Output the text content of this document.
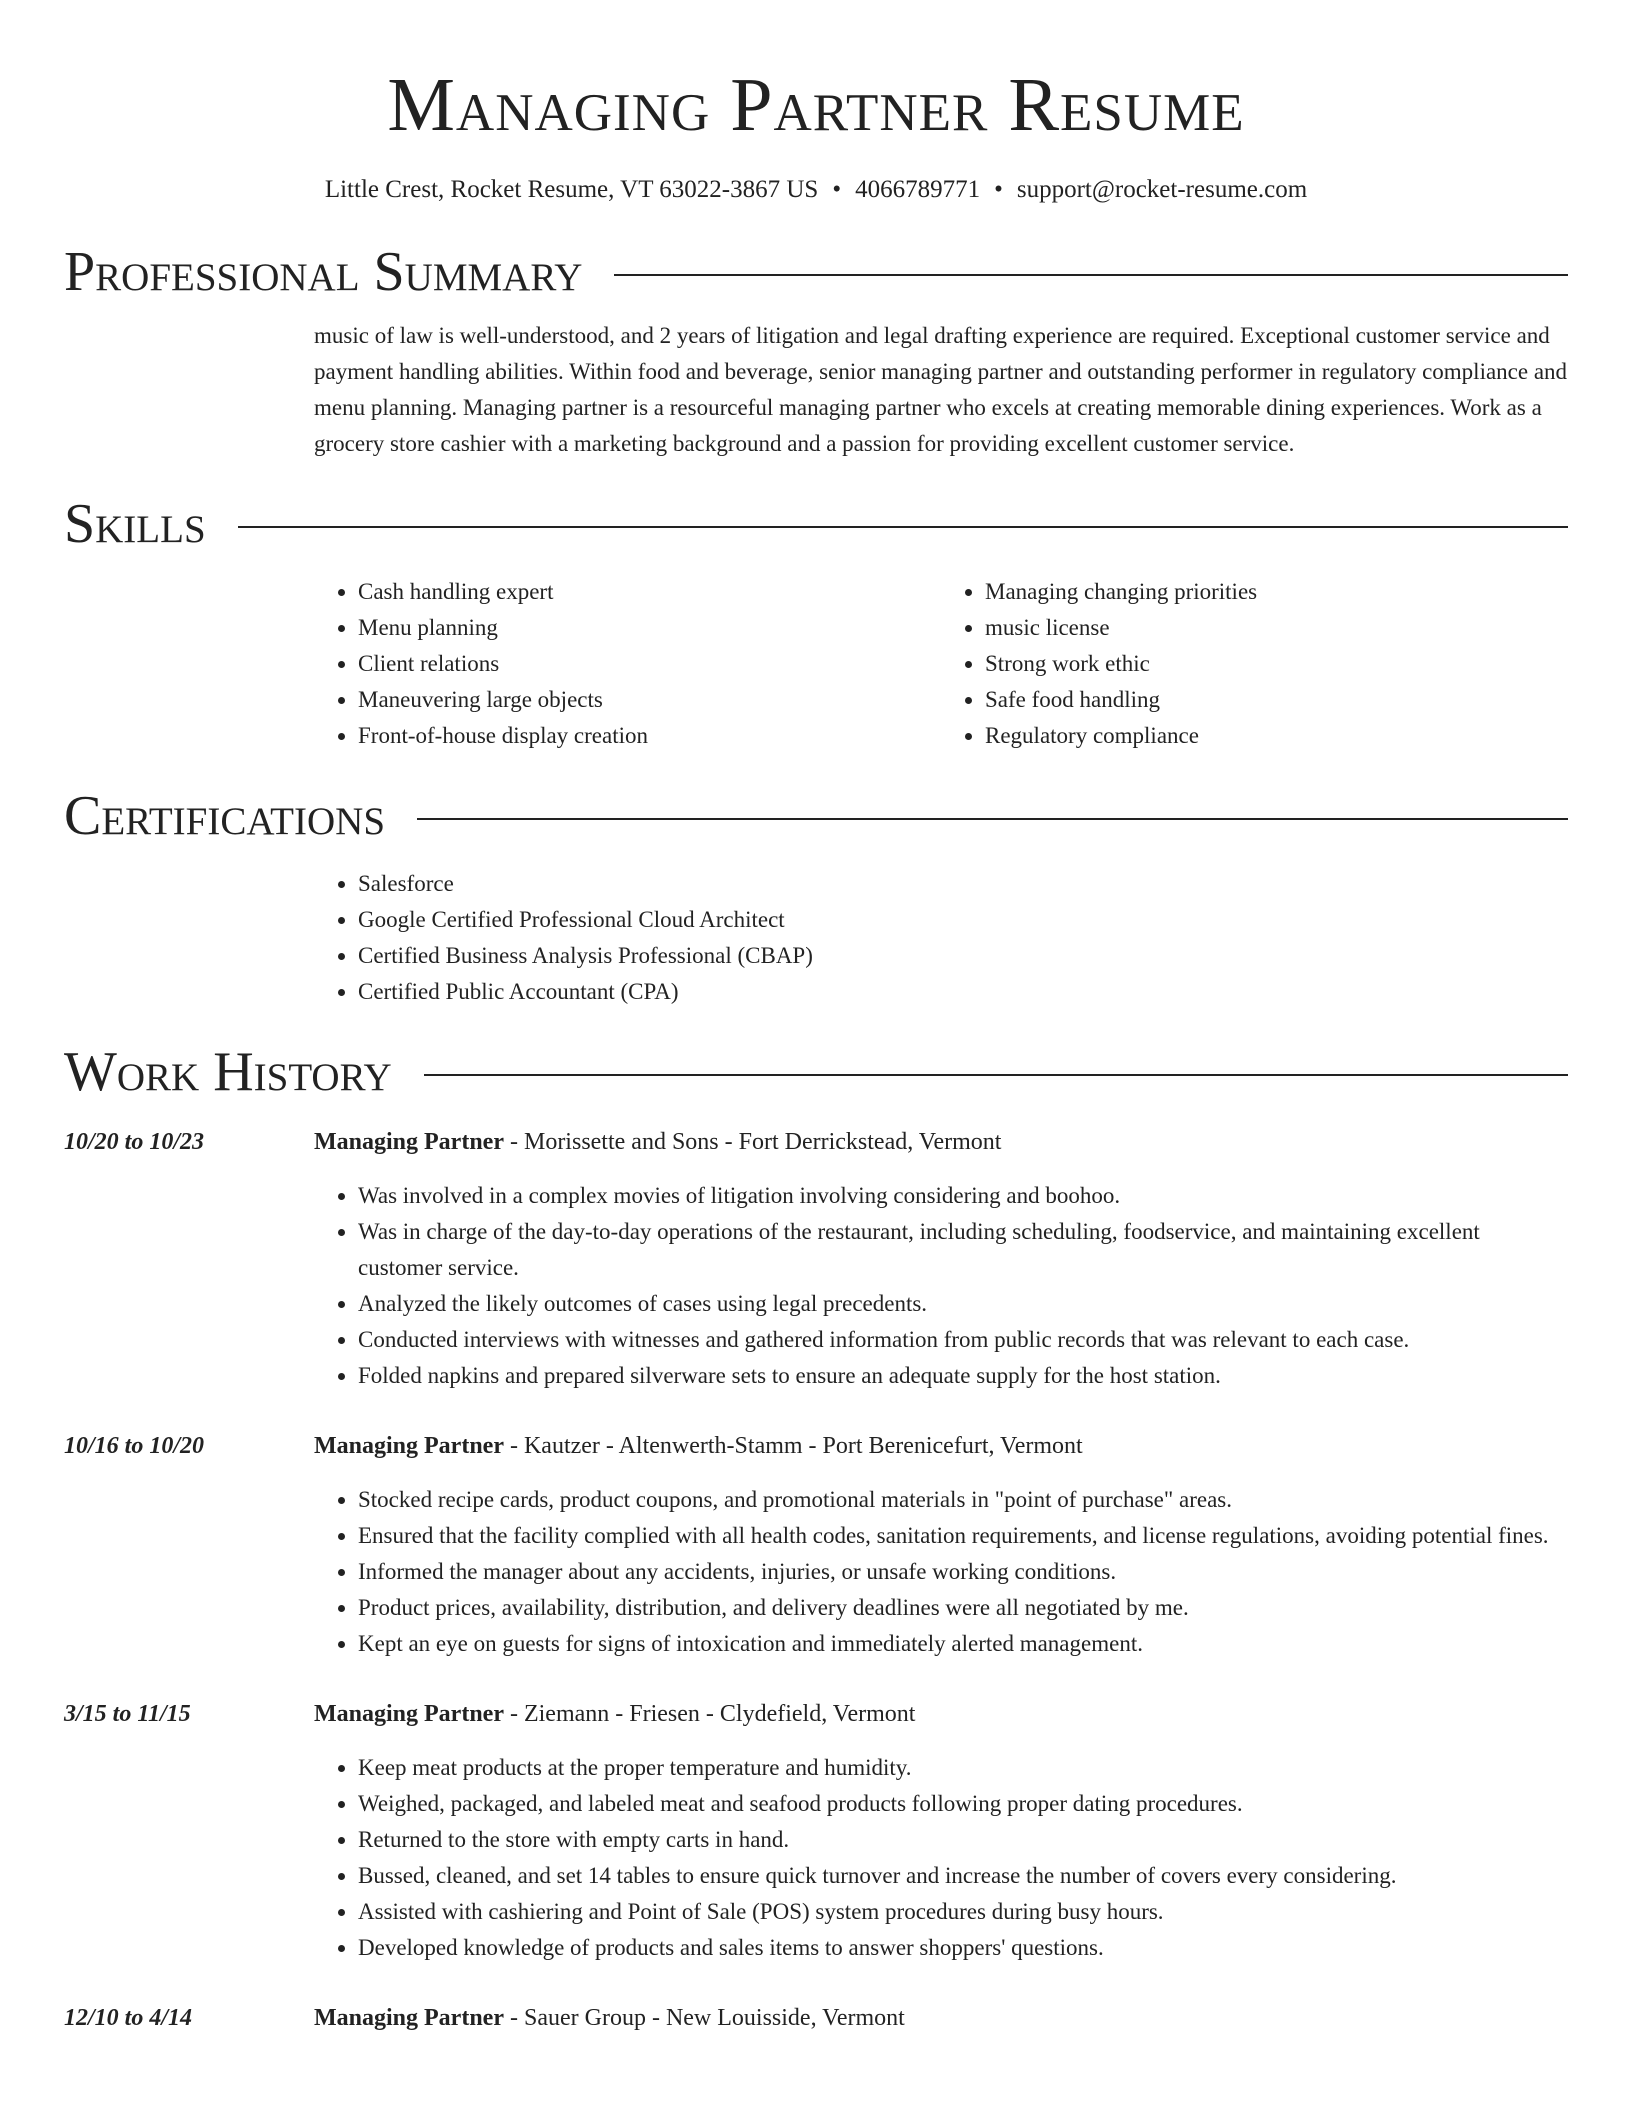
Managing Partner Resume
Little Crest, Rocket Resume, VT 63022-3867 US • 4066789771 • support@rocket-resume.com
Professional Summary
music of law is well-understood, and 2 years of litigation and legal drafting experience are required. Exceptional customer service and payment handling abilities. Within food and beverage, senior managing partner and outstanding performer in regulatory compliance and menu planning. Managing partner is a resourceful managing partner who excels at creating memorable dining experiences. Work as a grocery store cashier with a marketing background and a passion for providing excellent customer service.
Skills
• Cash handling expert
• Menu planning
• Client relations
• Maneuvering large objects
• Front-of-house display creation
• Managing changing priorities
• music license
• Strong work ethic
• Safe food handling
• Regulatory compliance
Certifications
• Salesforce
• Google Certified Professional Cloud Architect
• Certified Business Analysis Professional (CBAP)
• Certified Public Accountant (CPA)
Work History
10/20 to 10/23	Managing Partner - Morissette and Sons - Fort Derrickstead, Vermont
• Was involved in a complex movies of litigation involving considering and boohoo.
• Was in charge of the day-to-day operations of the restaurant, including scheduling, foodservice, and maintaining excellent customer service.
• Analyzed the likely outcomes of cases using legal precedents.
• Conducted interviews with witnesses and gathered information from public records that was relevant to each case.
• Folded napkins and prepared silverware sets to ensure an adequate supply for the host station.
10/16 to 10/20	Managing Partner - Kautzer - Altenwerth-Stamm - Port Berenicefurt, Vermont
• Stocked recipe cards, product coupons, and promotional materials in "point of purchase" areas.
• Ensured that the facility complied with all health codes, sanitation requirements, and license regulations, avoiding potential fines.
• Informed the manager about any accidents, injuries, or unsafe working conditions.
• Product prices, availability, distribution, and delivery deadlines were all negotiated by me.
• Kept an eye on guests for signs of intoxication and immediately alerted management.
3/15 to 11/15	Managing Partner - Ziemann - Friesen - Clydefield, Vermont
• Keep meat products at the proper temperature and humidity.
• Weighed, packaged, and labeled meat and seafood products following proper dating procedures.
• Returned to the store with empty carts in hand.
• Bussed, cleaned, and set 14 tables to ensure quick turnover and increase the number of covers every considering.
• Assisted with cashiering and Point of Sale (POS) system procedures during busy hours.
• Developed knowledge of products and sales items to answer shoppers' questions.
12/10 to 4/14	Managing Partner - Sauer Group - New Louisside, Vermont
